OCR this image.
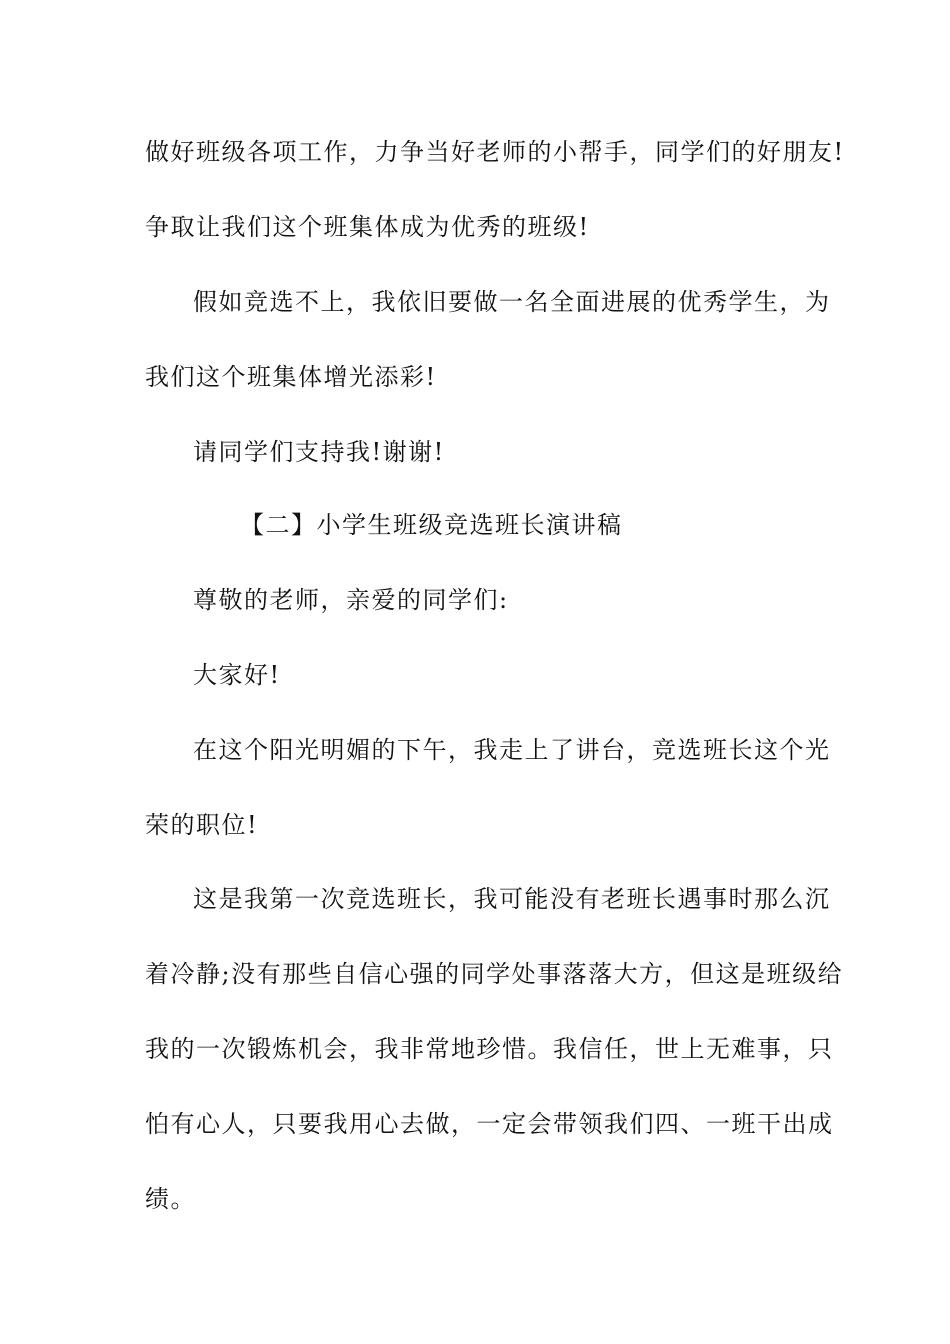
做好班级各项工作，力争当好老师的小帮手，同学们的好朋友!
争取让我们这个班集体成为优秀的班级!
假如竞选不上，我依旧要做一名全面进展的优秀学生，为
我们这个班集体增光添彩!
请同学们支持我!谢谢!
【二】小学生班级竞选班长演讲稿
尊敬的老师，亲爱的同学们:
大家好!
在这个阳光明媚的下午，我走上了讲台，竞选班长这个光
荣的职位!
这是我第一次竞选班长，我可能没有老班长遇事时那么沉
着冷静;没有那些自信心强的同学处事落落大方，但这是班级给
我的一次锻炼机会，我非常地珍惜。我信任，世上无难事，只
怕有心人，只要我用心去做，一定会带领我们四、一班干出成
绩。
